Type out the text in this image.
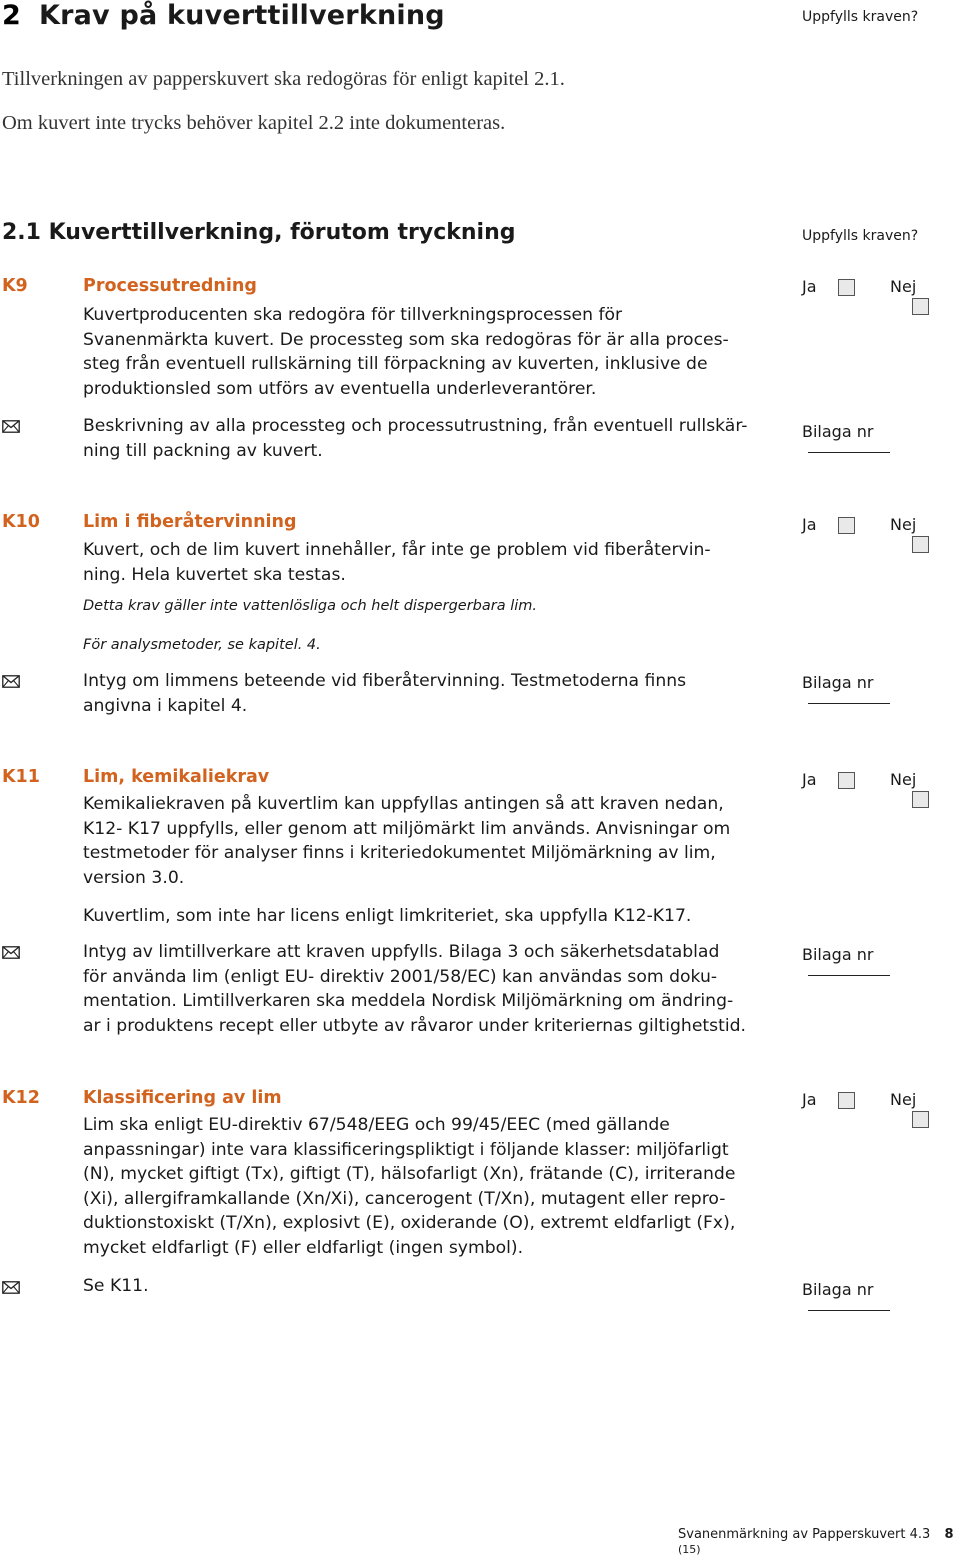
2 Krav på kuverttillverkning	Uppfylls kraven?
Tillverkningen av papperskuvert ska redogöras för enligt kapitel 2.1.
Om kuvert inte trycks behöver kapitel 2.2 inte dokumenteras.
2.1 Kuverttillverkning, förutom tryckning	Uppfylls kraven?
K9	Processutredning	Ja	Nej
Kuvertproducenten ska redogöra för tillverkningsprocessen för
Svanenmärkta kuvert. De processteg som ska redogöras för är alla proces-
steg från eventuell rullskärning till förpackning av kuverten, inklusive de
produktionsled som utförs av eventuella underleverantörer.
Beskrivning av alla processteg och processutrustning, från eventuell rullskär-
ning till packning av kuvert.
Bilaga nr
K10 Lim i fiberåtervinning	Ja	Nej
Kuvert, och de lim kuvert innehåller, får inte ge problem vid fiberåtervin-
ning. Hela kuvertet ska testas.
Detta krav gäller inte vattenlösliga och helt dispergerbara lim.
För analysmetoder, se kapitel. 4.
Intyg om limmens beteende vid fiberåtervinning. Testmetoderna finns
angivna i kapitel 4.
Bilaga nr
K11 Lim, kemikaliekrav	Ja	Nej
Kemikaliekraven på kuvertlim kan uppfyllas antingen så att kraven nedan,
K12- K17 uppfylls, eller genom att miljömärkt lim används. Anvisningar om
testmetoder för analyser finns i kriteriedokumentet Miljömärkning av lim,
version 3.0.
Kuvertlim, som inte har licens enligt limkriteriet, ska uppfylla K12-K17.
Intyg av limtillverkare att kraven uppfylls. Bilaga 3 och säkerhetsdatablad
för använda lim (enligt EU- direktiv 2001/58/EC) kan användas som doku-
mentation. Limtillverkaren ska meddela Nordisk Miljömärkning om ändring-
ar i produktens recept eller utbyte av råvaror under kriteriernas giltighetstid.
Bilaga nr
K12 Klassificering av lim	Ja	Nej
Lim ska enligt EU-direktiv 67/548/EEG och 99/45/EEC (med gällande
anpassningar) inte vara klassificeringspliktigt i följande klasser: miljöfarligt
(N), mycket giftigt (Tx), giftigt (T), hälsofarligt (Xn), frätande (C), irriterande
(Xi), allergiframkallande (Xn/Xi), cancerogent (T/Xn), mutagent eller repro-
duktionstoxiskt (T/Xn), explosivt (E), oxiderande (O), extremt eldfarligt (Fx),
mycket eldfarligt (F) eller eldfarligt (ingen symbol).
Se K11.	Bilaga nr
Svanenmärkning av Papperskuvert 4.3 8 (15)
